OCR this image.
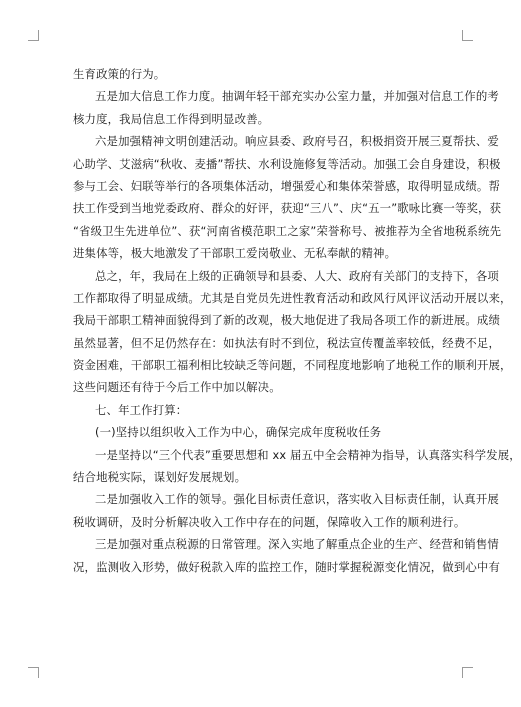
生育政策的行为。
五是加大信息工作力度。抽调年轻干部充实办公室力量，并加强对信息工作的考
核力度，我局信息工作得到明显改善。
六是加强精神文明创建活动。响应县委、政府号召，积极捐资开展三夏帮扶、爱
心助学、艾滋病“秋收、麦播”帮扶、水利设施修复等活动。加强工会自身建设，积极
参与工会、妇联等举行的各项集体活动，增强爱心和集体荣誉感，取得明显成绩。帮
扶工作受到当地党委政府、群众的好评，获迎“三八”、庆“五一”歌咏比赛一等奖，获
“省级卫生先进单位”、获“河南省模范职工之家”荣誉称号、被推荐为全省地税系统先
进集体等，极大地激发了干部职工爱岗敬业、无私奉献的精神。
总之，年，我局在上级的正确领导和县委、人大、政府有关部门的支持下，各项
工作都取得了明显成绩。尤其是自党员先进性教育活动和政风行风评议活动开展以来，
我局干部职工精神面貌得到了新的改观，极大地促进了我局各项工作的新进展。成绩
虽然显著，但不足仍然存在：如执法有时不到位，税法宣传覆盖率较低，经费不足，
资金困难，干部职工福利相比较缺乏等问题，不同程度地影响了地税工作的顺利开展，
这些问题还有待于今后工作中加以解决。
七、年工作打算：
(一)坚持以组织收入工作为中心，确保完成年度税收任务
一是坚持以“三个代表”重要思想和 xx 届五中全会精神为指导，认真落实科学发展，
结合地税实际，谋划好发展规划。
二是加强收入工作的领导。强化目标责任意识，落实收入目标责任制，认真开展
税收调研，及时分析解决收入工作中存在的问题，保障收入工作的顺利进行。
三是加强对重点税源的日常管理。深入实地了解重点企业的生产、经营和销售情
况，监测收入形势，做好税款入库的监控工作，随时掌握税源变化情况，做到心中有
